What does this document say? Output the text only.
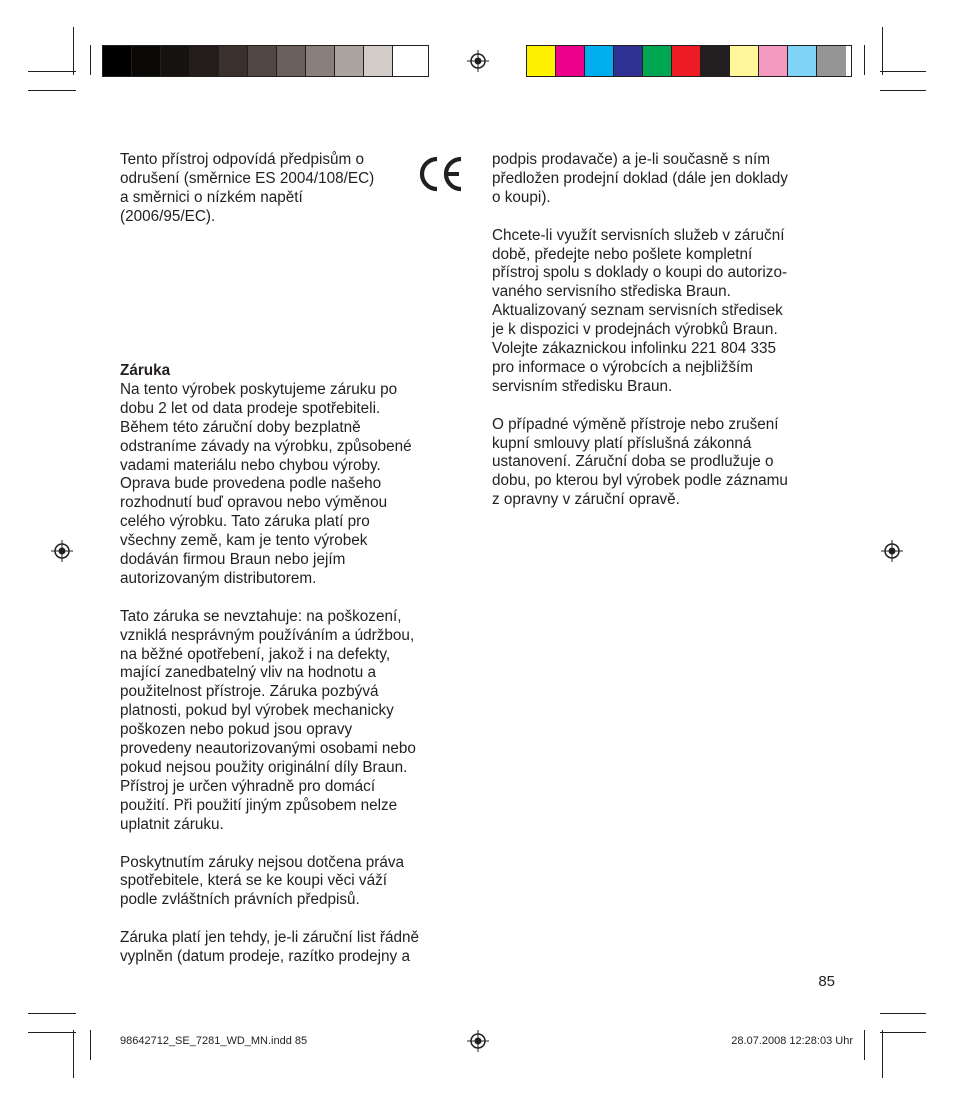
Tento přístroj odpovídá předpisům o
odrušení (směrnice ES 2004/108/EC)
a směrnici o nízkém napětí
(2006/95/EC).

Záruka

Na tento výrobek poskytujeme záruku po
dobu 2 let od data prodeje spotřebiteli.
Během této záruční doby bezplatně
odstraníme závady na výrobku, způsobené
vadami materiálu nebo chybou výroby.
Oprava bude provedena podle našeho
rozhodnutí buď opravou nebo výměnou
celého výrobku. Tato záruka platí pro
všechny země, kam je tento výrobek
dodáván firmou Braun nebo jejím
autorizovaným distributorem.

Tato záruka se nevztahuje: na poškození,
vzniklá nesprávným používáním a údržbou,
na běžné opotřebení, jakož i na defekty,
mající zanedbatelný vliv na hodnotu a
použitelnost přístroje. Záruka pozbývá
platnosti, pokud byl výrobek mechanicky
poškozen nebo pokud jsou opravy
provedeny neautorizovanými osobami nebo
pokud nejsou použity originální díly Braun.
Přístroj je určen výhradně pro domácí
použití. Při použití jiným způsobem nelze
uplatnit záruku.

Poskytnutím záruky nejsou dotčena práva
spotřebitele, která se ke koupi věci váží
podle zvláštních právních předpisů.

Záruka platí jen tehdy, je-li záruční list řádně
vyplněn (datum prodeje, razítko prodejny a

podpis prodavače) a je-li současně s ním
předložen prodejní doklad (dále jen doklady
o koupi).

Chcete-li využít servisních služeb v záruční
době, předejte nebo pošlete kompletní
přístroj spolu s doklady o koupi do autorizo-
vaného servisního střediska Braun.
Aktualizovaný seznam servisních středisek
je k dispozici v prodejnách výrobků Braun.
Volejte zákaznickou infolinku 221 804 335
pro informace o výrobcích a nejbližším
servisním středisku Braun.

O případné výměně přístroje nebo zrušení
kupní smlouvy platí příslušná zákonná
ustanovení. Záruční doba se prodlužuje o
dobu, po kterou byl výrobek podle záznamu
z opravny v záruční opravě.

85
98642712_SE_7281_WD_MN.indd 85	28.07.2008 12:28:03 Uhr
